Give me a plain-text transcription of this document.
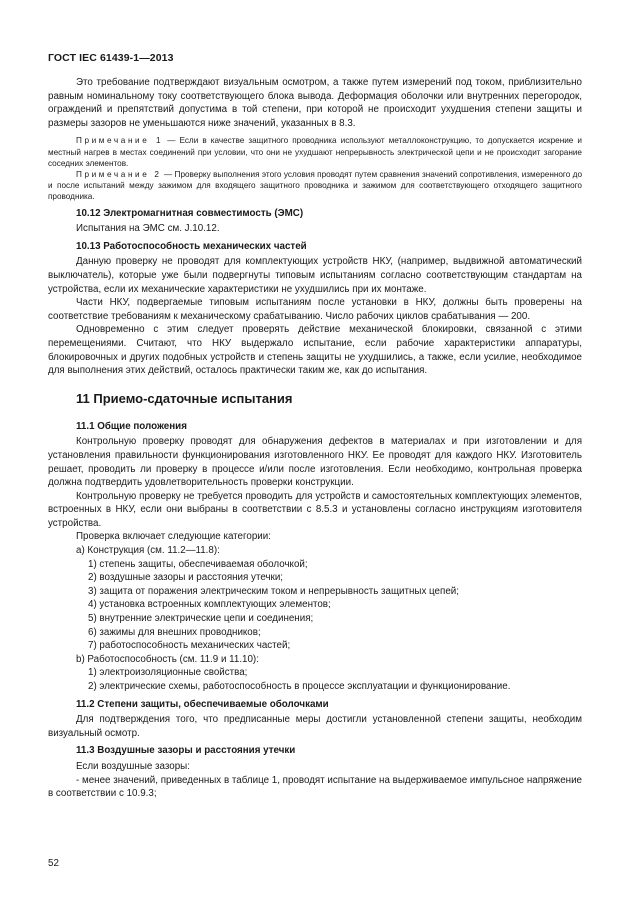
ГОСТ IEC 61439-1—2013

Это требование подтверждают визуальным осмотром, а также путем измерений под током, приблизительно равным номинальному току соответствующего блока вывода. Деформация оболочки или внутренних перегородок, ограждений и препятствий допустима в той степени, при которой не происходит ухудшения степени защиты и размеры зазоров не уменьшаются ниже значений, указанных в 8.3.

Примечание 1 — Если в качестве защитного проводника используют металлоконструкцию, то допускается искрение и местный нагрев в местах соединений при условии, что они не ухудшают непрерывность электрической цепи и не происходит загорание соседних элементов.

Примечание 2 — Проверку выполнения этого условия проводят путем сравнения значений сопротивления, измеренного до и после испытаний между зажимом для входящего защитного проводника и зажимом для соответствующего отходящего защитного проводника.

10.12 Электромагнитная совместимость (ЭМС)

Испытания на ЭМС см. J.10.12.

10.13 Работоспособность механических частей

Данную проверку не проводят для комплектующих устройств НКУ, (например, выдвижной автоматический выключатель), которые уже были подвергнуты типовым испытаниям согласно соответствующим стандартам на устройства, если их механические характеристики не ухудшились при их монтаже.

Части НКУ, подвергаемые типовым испытаниям после установки в НКУ, должны быть проверены на соответствие требованиям к механическому срабатыванию. Число рабочих циклов срабатывания — 200.

Одновременно с этим следует проверять действие механической блокировки, связанной с этими перемещениями. Считают, что НКУ выдержало испытание, если рабочие характеристики аппаратуры, блокировочных и других подобных устройств и степень защиты не ухудшились, а также, если усилие, необходимое для выполнения этих действий, осталось практически таким же, как до испытания.

11 Приемо-сдаточные испытания

11.1 Общие положения

Контрольную проверку проводят для обнаружения дефектов в материалах и при изготовлении и для установления правильности функционирования изготовленного НКУ. Ее проводят для каждого НКУ. Изготовитель решает, проводить ли проверку в процессе и/или после изготовления. Если необходимо, контрольная проверка должна подтвердить удовлетворительность проверки конструкции.

Контрольную проверку не требуется проводить для устройств и самостоятельных комплектующих элементов, встроенных в НКУ, если они выбраны в соответствии с 8.5.3 и установлены согласно инструкциям изготовителя устройства.

Проверка включает следующие категории:

a) Конструкция (см. 11.2—11.8):

1) степень защиты, обеспечиваемая оболочкой;

2) воздушные зазоры и расстояния утечки;

3) защита от поражения электрическим током и непрерывность защитных цепей;

4) установка встроенных комплектующих элементов;

5) внутренние электрические цепи и соединения;

6) зажимы для внешних проводников;

7) работоспособность механических частей;

b) Работоспособность (см. 11.9 и 11.10):

1) электроизоляционные свойства;

2) электрические схемы, работоспособность в процессе эксплуатации и функционирование.

11.2 Степени защиты, обеспечиваемые оболочками

Для подтверждения того, что предписанные меры достигли установленной степени защиты, необходим визуальный осмотр.

11.3 Воздушные зазоры и расстояния утечки

Если воздушные зазоры:

- менее значений, приведенных в таблице 1, проводят испытание на выдерживаемое импульсное напряжение в соответствии с 10.9.3;

52
